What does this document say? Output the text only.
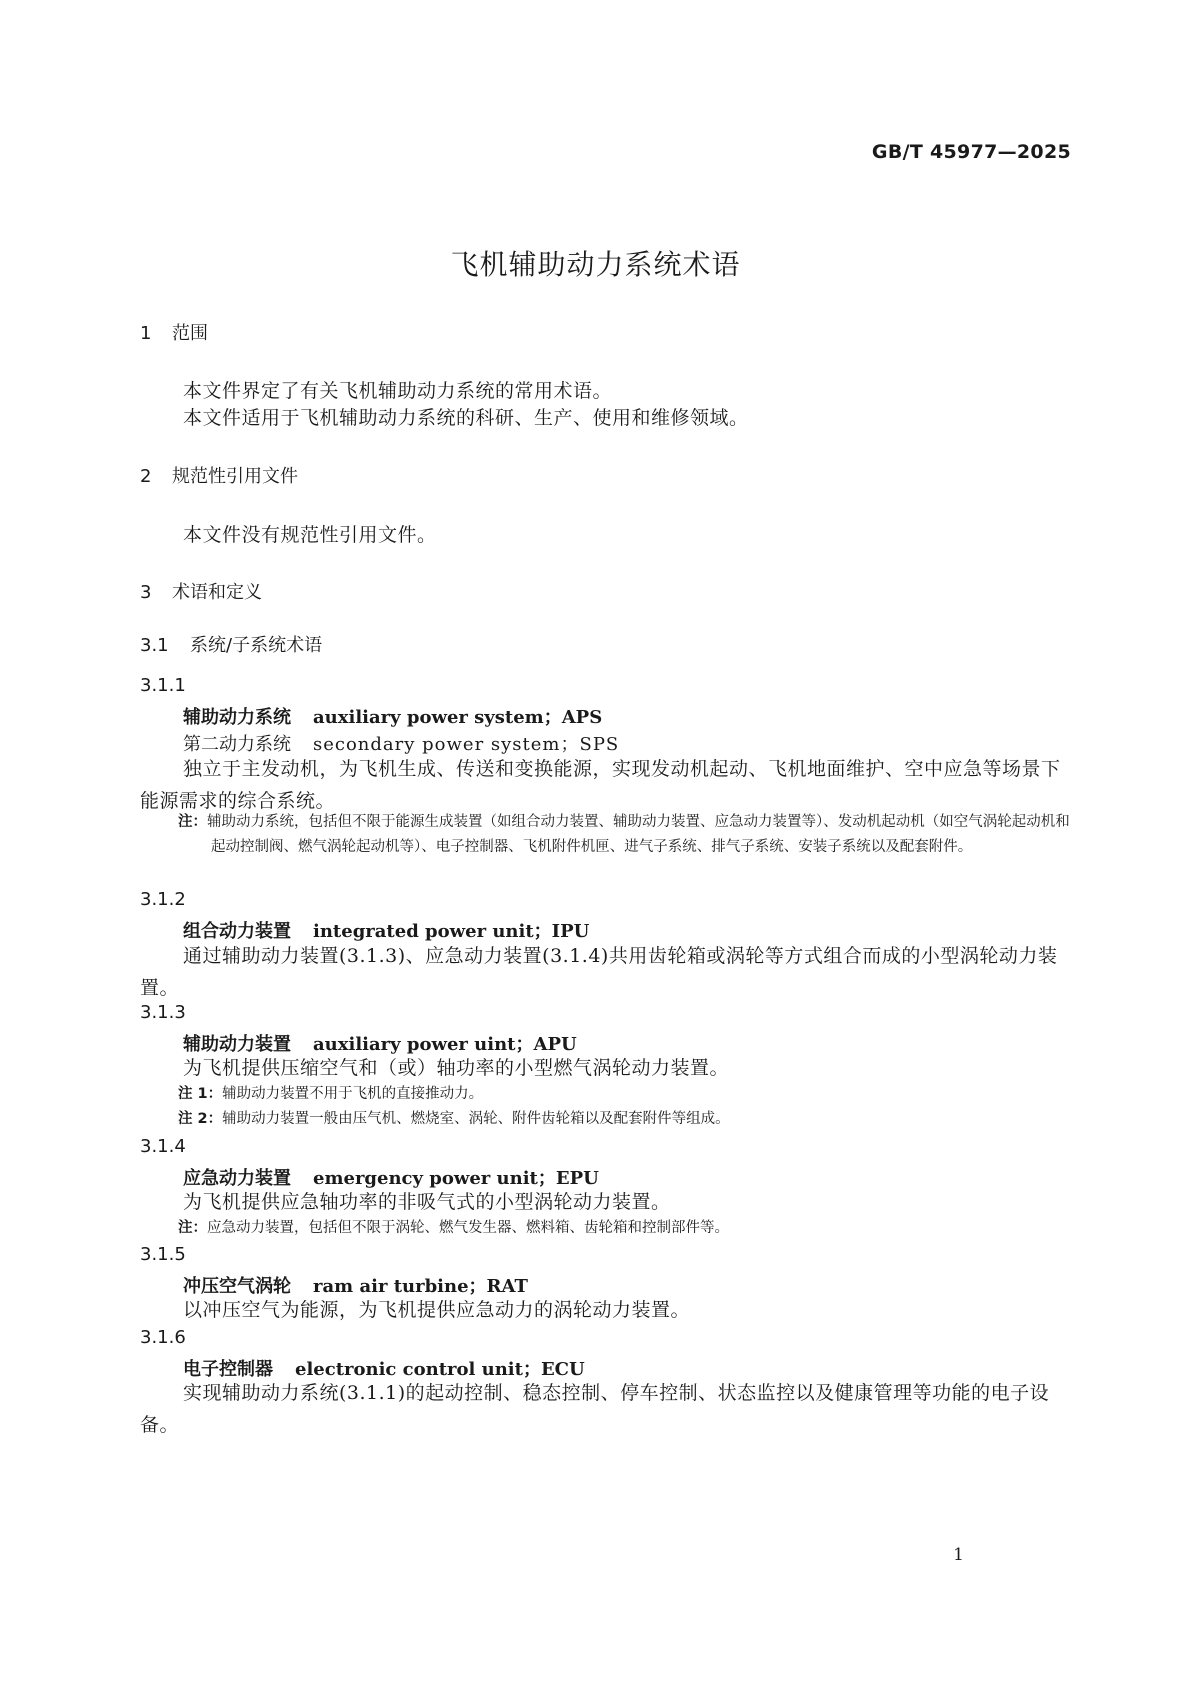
GB/T 45977—2025
飞机辅助动力系统术语
1 范围
本文件界定了有关飞机辅助动力系统的常用术语。
本文件适用于飞机辅助动力系统的科研、生产、使用和维修领域。
2 规范性引用文件
本文件没有规范性引用文件。
3 术语和定义
3.1 系统/子系统术语
3.1.1
辅助动力系统 auxiliary power system；APS
第二动力系统 secondary power system；SPS
独立于主发动机，为飞机生成、传送和变换能源，实现发动机起动、飞机地面维护、空中应急等场景下能源需求的综合系统。
注：辅助动力系统，包括但不限于能源生成装置（如组合动力装置、辅助动力装置、应急动力装置等）、发动机起动机（如空气涡轮起动机和起动控制阀、燃气涡轮起动机等）、电子控制器、飞机附件机匣、进气子系统、排气子系统、安装子系统以及配套附件。
3.1.2
组合动力装置 integrated power unit；IPU
通过辅助动力装置(3.1.3)、应急动力装置(3.1.4)共用齿轮箱或涡轮等方式组合而成的小型涡轮动力装置。
3.1.3
辅助动力装置 auxiliary power uint；APU
为飞机提供压缩空气和（或）轴功率的小型燃气涡轮动力装置。
注 1：辅助动力装置不用于飞机的直接推动力。
注 2：辅助动力装置一般由压气机、燃烧室、涡轮、附件齿轮箱以及配套附件等组成。
3.1.4
应急动力装置 emergency power unit；EPU
为飞机提供应急轴功率的非吸气式的小型涡轮动力装置。
注：应急动力装置，包括但不限于涡轮、燃气发生器、燃料箱、齿轮箱和控制部件等。
3.1.5
冲压空气涡轮 ram air turbine；RAT
以冲压空气为能源，为飞机提供应急动力的涡轮动力装置。
3.1.6
电子控制器 electronic control unit；ECU
实现辅助动力系统(3.1.1)的起动控制、稳态控制、停车控制、状态监控以及健康管理等功能的电子设备。
1
